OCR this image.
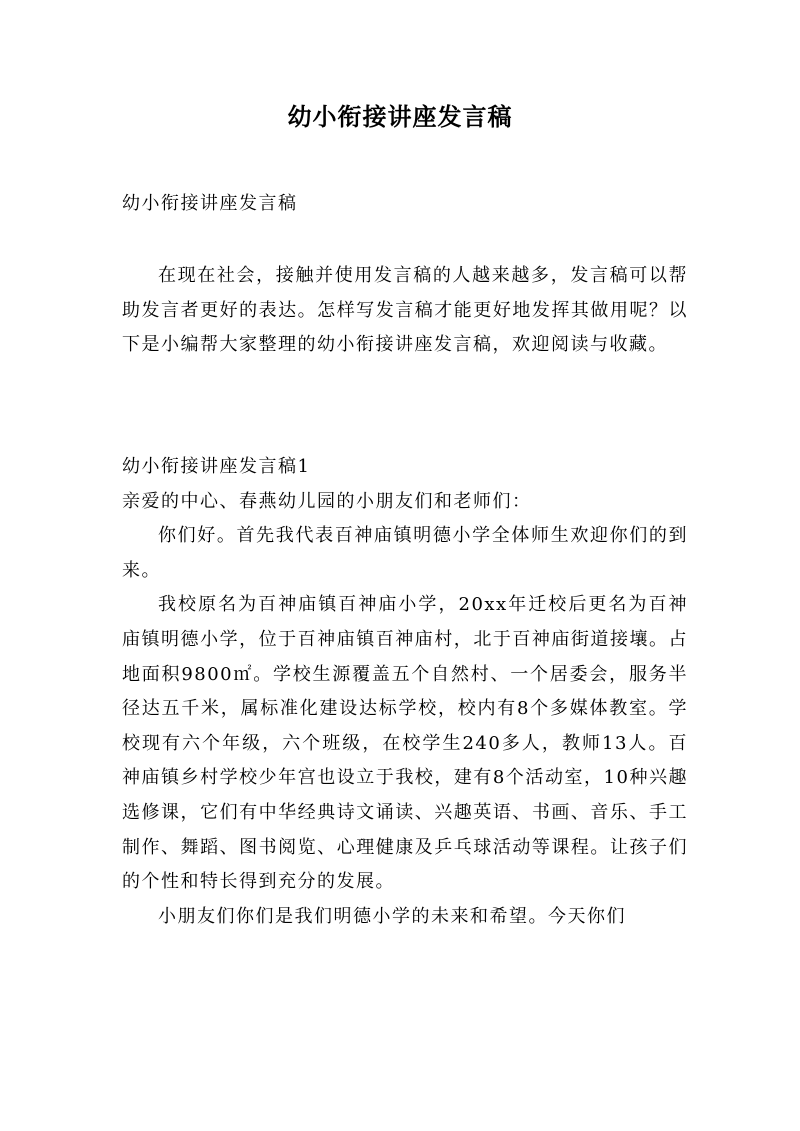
幼小衔接讲座发言稿

幼小衔接讲座发言稿

在现在社会，接触并使用发言稿的人越来越多，发言稿可以帮助发言者更好的表达。怎样写发言稿才能更好地发挥其做用呢？以下是小编帮大家整理的幼小衔接讲座发言稿，欢迎阅读与收藏。

幼小衔接讲座发言稿1

亲爱的中心、春燕幼儿园的小朋友们和老师们：

你们好。首先我代表百神庙镇明德小学全体师生欢迎你们的到来。

我校原名为百神庙镇百神庙小学，20xx年迁校后更名为百神庙镇明德小学，位于百神庙镇百神庙村，北于百神庙街道接壤。占地面积9800㎡。学校生源覆盖五个自然村、一个居委会，服务半径达五千米，属标准化建设达标学校，校内有8个多媒体教室。学校现有六个年级，六个班级，在校学生240多人，教师13人。百神庙镇乡村学校少年宫也设立于我校，建有8个活动室，10种兴趣选修课，它们有中华经典诗文诵读、兴趣英语、书画、音乐、手工制作、舞蹈、图书阅览、心理健康及乒乓球活动等课程。让孩子们的个性和特长得到充分的发展。

小朋友们你们是我们明德小学的未来和希望。今天你们
